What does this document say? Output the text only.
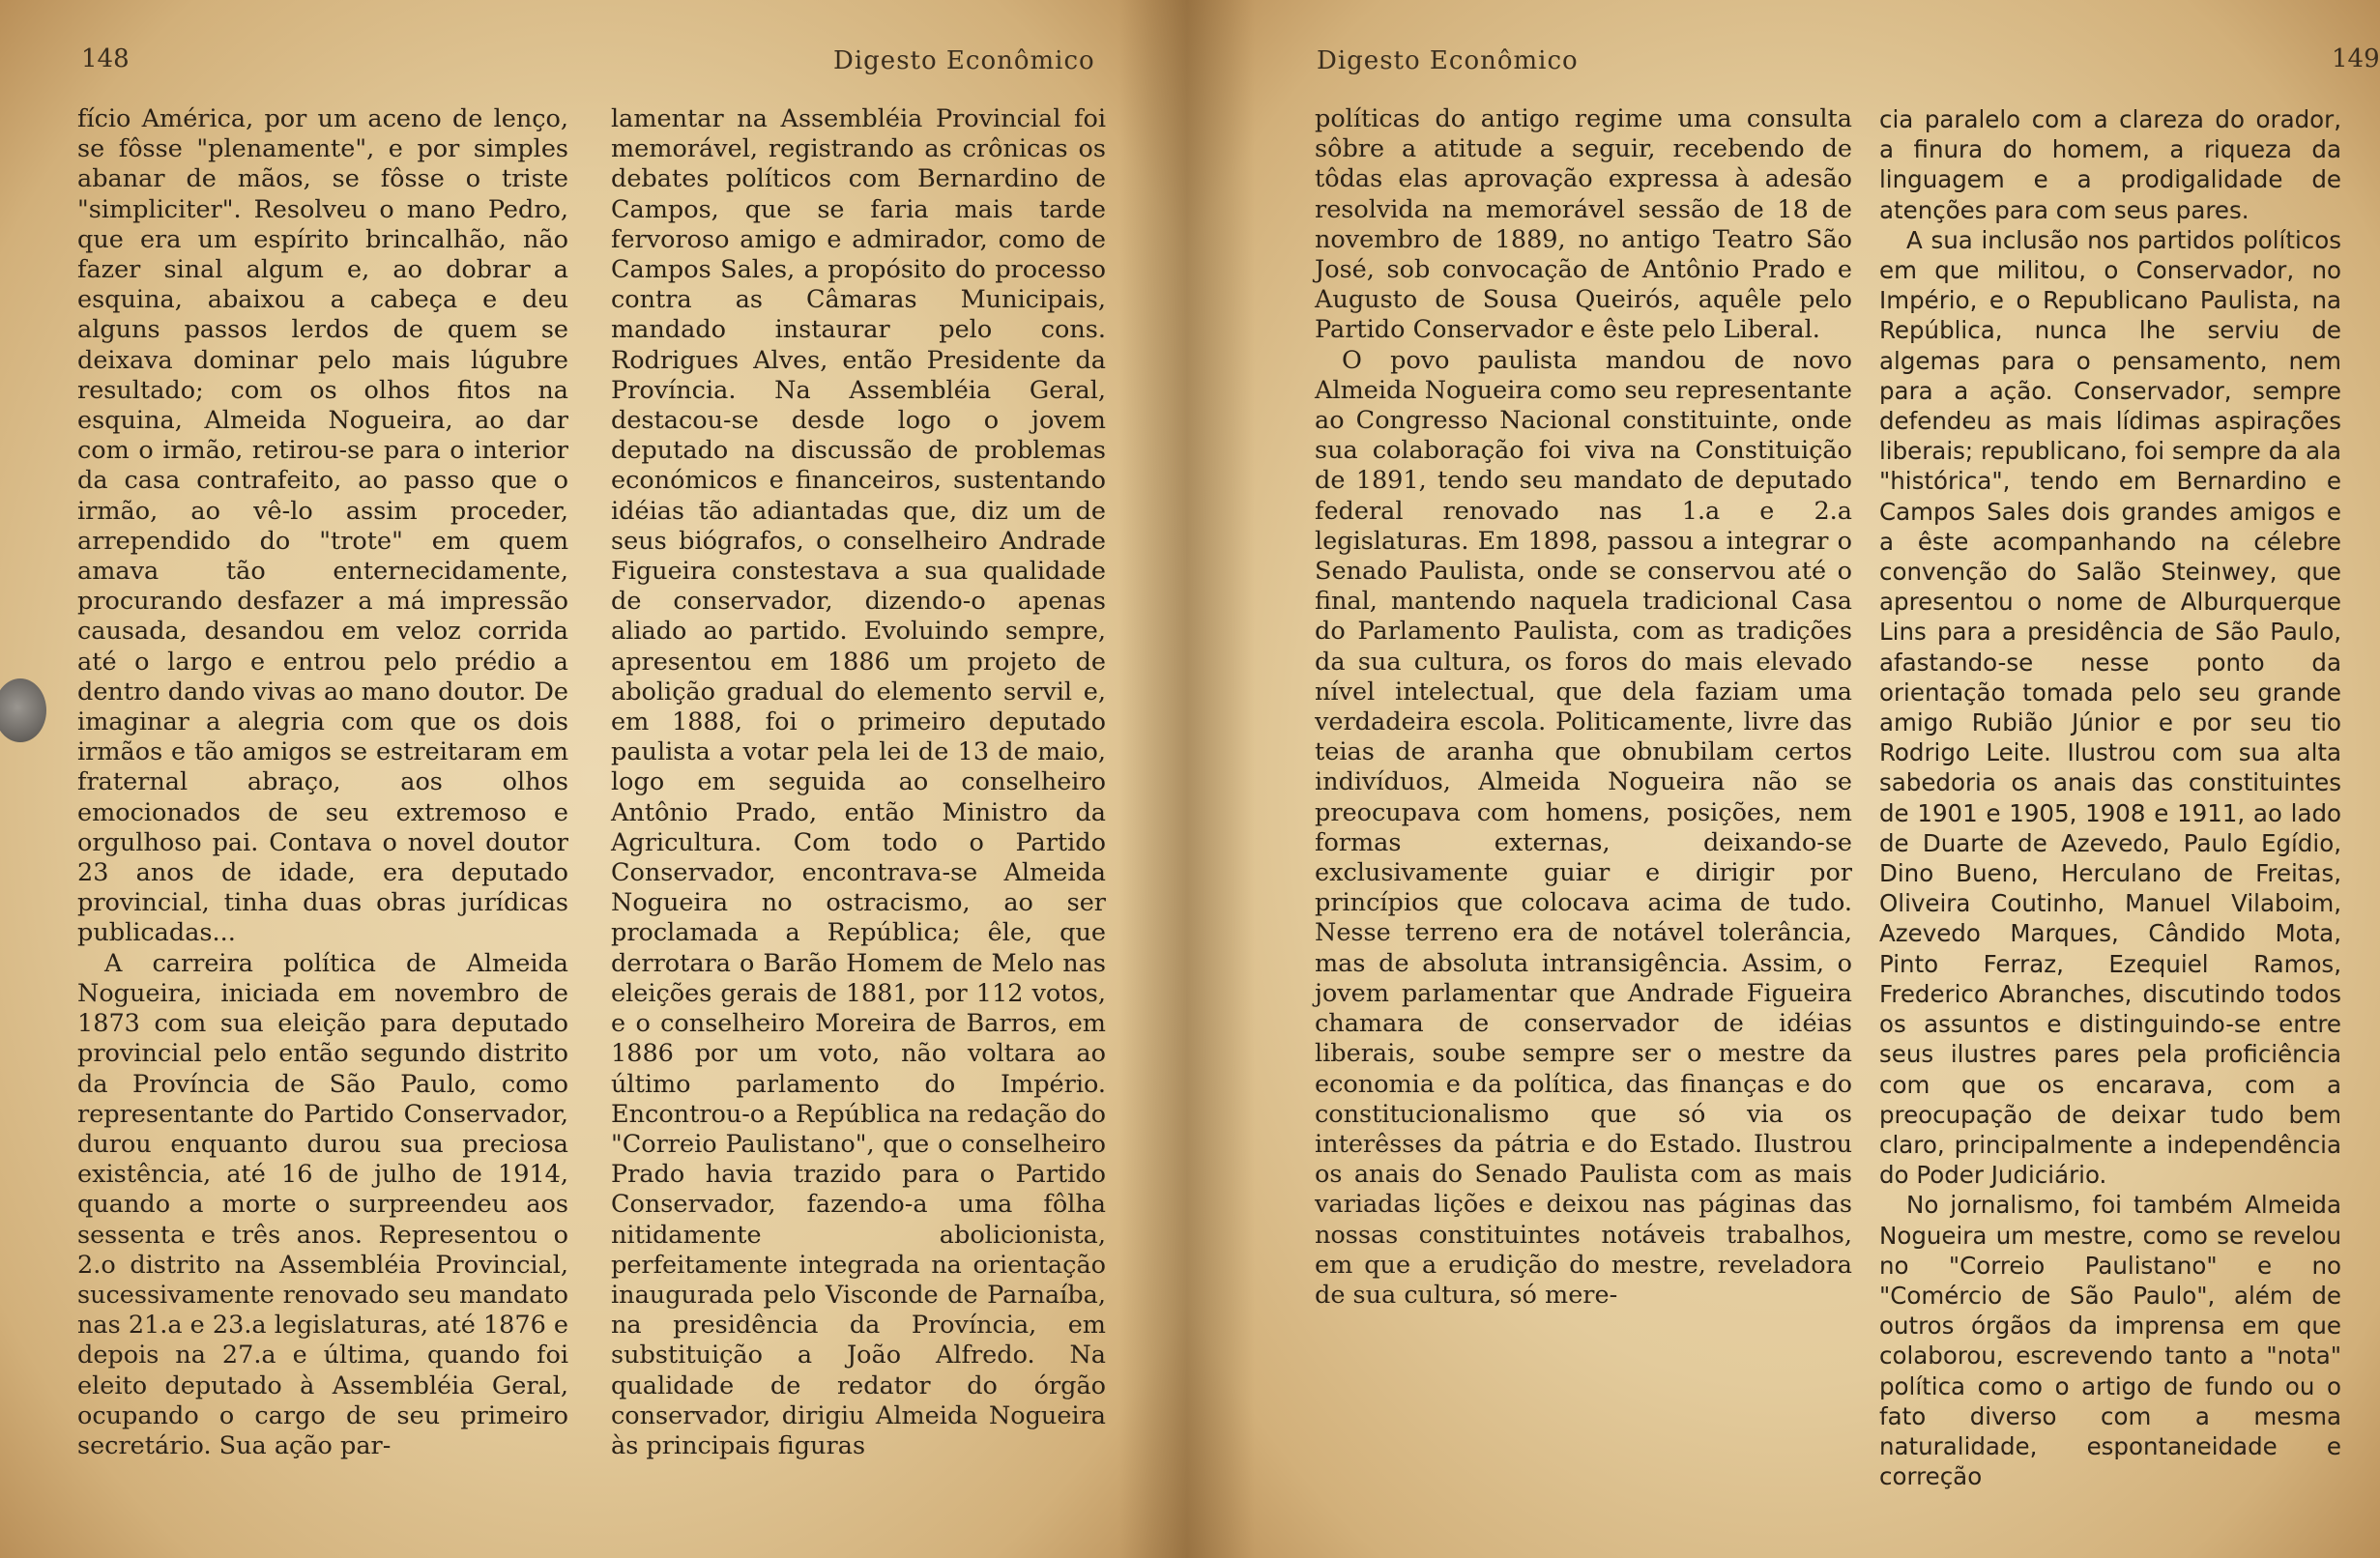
148	Digesto Econômico

fício América, por um aceno de lenço, se fôsse "plenamente", e por simples abanar de mãos, se fôsse o triste "simpliciter". Resolveu o mano Pedro, que era um espírito brincalhão, não fazer sinal algum e, ao dobrar a esquina, abaixou a cabeça e deu alguns passos lerdos de quem se deixava dominar pelo mais lúgubre resultado; com os olhos fitos na esquina, Almeida Nogueira, ao dar com o irmão, retirou-se para o interior da casa contrafeito, ao passo que o irmão, ao vê-lo assim proceder, arrependido do "trote" em quem amava tão enternecidamente, procurando desfazer a má impressão causada, desandou em veloz corrida até o largo e entrou pelo prédio a dentro dando vivas ao mano doutor. De imaginar a alegria com que os dois irmãos e tão amigos se estreitaram em fraternal abraço, aos olhos emocionados de seu extremoso e orgulhoso pai. Contava o novel doutor 23 anos de idade, era deputado provincial, tinha duas obras jurídicas publicadas...

A carreira política de Almeida Nogueira, iniciada em novembro de 1873 com sua eleição para deputado provincial pelo então segundo distrito da Província de São Paulo, como representante do Partido Conservador, durou enquanto durou sua preciosa existência, até 16 de julho de 1914, quando a morte o surpreendeu aos sessenta e três anos. Representou o 2.o distrito na Assembléia Provincial, sucessivamente renovado seu mandato nas 21.a e 23.a legislaturas, até 1876 e depois na 27.a e última, quando foi eleito deputado à Assembléia Geral, ocupando o cargo de seu primeiro secretário. Sua ação par-

lamentar na Assembléia Provincial foi memorável, registrando as crônicas os debates políticos com Bernardino de Campos, que se faria mais tarde fervoroso amigo e admirador, como de Campos Sales, a propósito do processo contra as Câmaras Municipais, mandado instaurar pelo cons. Rodrigues Alves, então Presidente da Província. Na Assembléia Geral, destacou-se desde logo o jovem deputado na discussão de problemas económicos e financeiros, sustentando idéias tão adiantadas que, diz um de seus biógrafos, o conselheiro Andrade Figueira constestava a sua qualidade de conservador, dizendo-o apenas aliado ao partido. Evoluindo sempre, apresentou em 1886 um projeto de abolição gradual do elemento servil e, em 1888, foi o primeiro deputado paulista a votar pela lei de 13 de maio, logo em seguida ao conselheiro Antônio Prado, então Ministro da Agricultura. Com todo o Partido Conservador, encontrava-se Almeida Nogueira no ostracismo, ao ser proclamada a República; êle, que derrotara o Barão Homem de Melo nas eleições gerais de 1881, por 112 votos, e o conselheiro Moreira de Barros, em 1886 por um voto, não voltara ao último parlamento do Império. Encontrou-o a República na redação do "Correio Paulistano", que o conselheiro Prado havia trazido para o Partido Conservador, fazendo-a uma fôlha nitidamente abolicionista, perfeitamente integrada na orientação inaugurada pelo Visconde de Parnaíba, na presidência da Província, em substituição a João Alfredo. Na qualidade de redator do órgão conservador, dirigiu Almeida Nogueira às principais figuras

Digesto Econômico	149

políticas do antigo regime uma consulta sôbre a atitude a seguir, recebendo de tôdas elas aprovação expressa à adesão resolvida na memorável sessão de 18 de novembro de 1889, no antigo Teatro São José, sob convocação de Antônio Prado e Augusto de Sousa Queirós, aquêle pelo Partido Conservador e êste pelo Liberal.

O povo paulista mandou de novo Almeida Nogueira como seu representante ao Congresso Nacional constituinte, onde sua colaboração foi viva na Constituição de 1891, tendo seu mandato de deputado federal renovado nas 1.a e 2.a legislaturas. Em 1898, passou a integrar o Senado Paulista, onde se conservou até o final, mantendo naquela tradicional Casa do Parlamento Paulista, com as tradições da sua cultura, os foros do mais elevado nível intelectual, que dela faziam uma verdadeira escola. Politicamente, livre das teias de aranha que obnubilam certos indivíduos, Almeida Nogueira não se preocupava com homens, posições, nem formas externas, deixando-se exclusivamente guiar e dirigir por princípios que colocava acima de tudo. Nesse terreno era de notável tolerância, mas de absoluta intransigência. Assim, o jovem parlamentar que Andrade Figueira chamara de conservador de idéias liberais, soube sempre ser o mestre da economia e da política, das finanças e do constitucionalismo que só via os interêsses da pátria e do Estado. Ilustrou os anais do Senado Paulista com as mais variadas lições e deixou nas páginas das nossas constituintes notáveis trabalhos, em que a erudição do mestre, reveladora de sua cultura, só mere-

cia paralelo com a clareza do orador, a finura do homem, a riqueza da linguagem e a prodigalidade de atenções para com seus pares.

A sua inclusão nos partidos políticos em que militou, o Conservador, no Império, e o Republicano Paulista, na República, nunca lhe serviu de algemas para o pensamento, nem para a ação. Conservador, sempre defendeu as mais lídimas aspirações liberais; republicano, foi sempre da ala "histórica", tendo em Bernardino e Campos Sales dois grandes amigos e a êste acompanhando na célebre convenção do Salão Steinwey, que apresentou o nome de Alburquerque Lins para a presidência de São Paulo, afastando-se nesse ponto da orientação tomada pelo seu grande amigo Rubião Júnior e por seu tio Rodrigo Leite. Ilustrou com sua alta sabedoria os anais das constituintes de 1901 e 1905, 1908 e 1911, ao lado de Duarte de Azevedo, Paulo Egídio, Dino Bueno, Herculano de Freitas, Oliveira Coutinho, Manuel Vilaboim, Azevedo Marques, Cândido Mota, Pinto Ferraz, Ezequiel Ramos, Frederico Abranches, discutindo todos os assuntos e distinguindo-se entre seus ilustres pares pela proficiência com que os encarava, com a preocupação de deixar tudo bem claro, principalmente a independência do Poder Judiciário.

No jornalismo, foi também Almeida Nogueira um mestre, como se revelou no "Correio Paulistano" e no "Comércio de São Paulo", além de outros órgãos da imprensa em que colaborou, escrevendo tanto a "nota" política como o artigo de fundo ou o fato diverso com a mesma naturalidade, espontaneidade e correção
